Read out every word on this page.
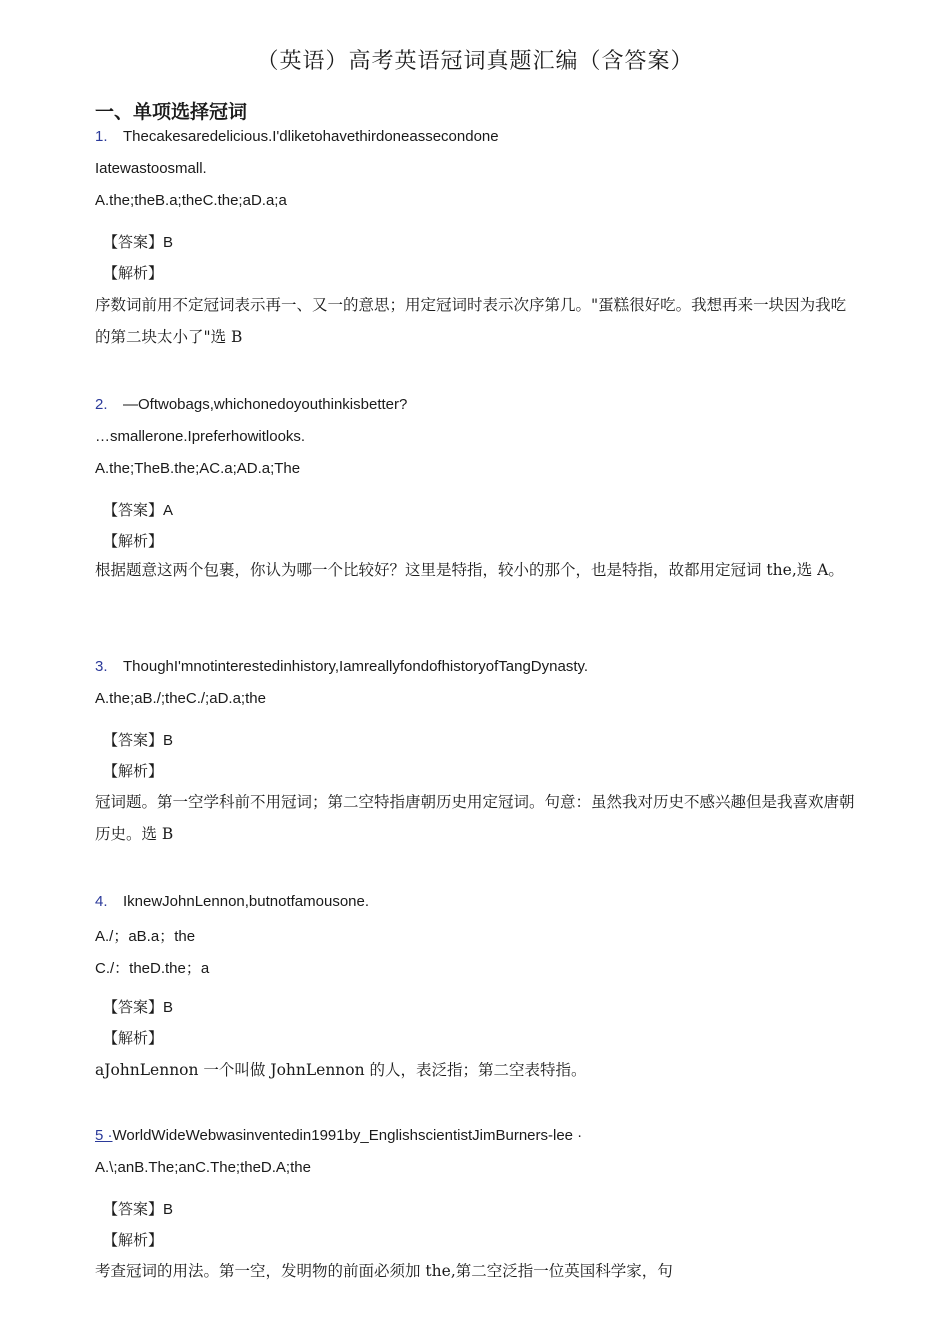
（英语）高考英语冠词真题汇编（含答案）
一、单项选择冠词
1. Thecakesaredelicious.I'dliketohavethirdoneassecondone
Iatewastoosmall.
A.the;theB.a;theC.the;aD.a;a
【答案】B
【解析】
序数词前用不定冠词表示再一、又一的意思；用定冠词时表示次序第几。"蛋糕很好吃。我想再来一块因为我吃的第二块太小了"选 B
2. —Oftwobags,whichonedoyouthinkisbetter?
…smallerone.Ipreferhowitlooks.
A.the;TheB.the;AC.a;AD.a;The
【答案】A
【解析】
根据题意这两个包裹，你认为哪一个比较好？这里是特指，较小的那个，也是特指，故都用定冠词 the,选 A。
3. ThoughI'mnotinterestedinhistory,IamreallyfondofhistoryofTangDynasty.
A.the;aB./;theC./;aD.a;the
【答案】B
【解析】
冠词题。第一空学科前不用冠词；第二空特指唐朝历史用定冠词。句意：虽然我对历史不感兴趣但是我喜欢唐朝历史。选 B
4. IknewJohnLennon,butnotfamousone.
A./；aB.a；the
C./：theD.the；a
【答案】B
【解析】
aJohnLennon 一个叫做 JohnLennon 的人，表泛指；第二空表特指。
5 ·WorldWideWebwasinventedin1991by_EnglishscientistJimBurners-lee ·
A.\;anB.The;anC.The;theD.A;the
【答案】B
【解析】
考查冠词的用法。第一空，发明物的前面必须加 the,第二空泛指一位英国科学家，句
